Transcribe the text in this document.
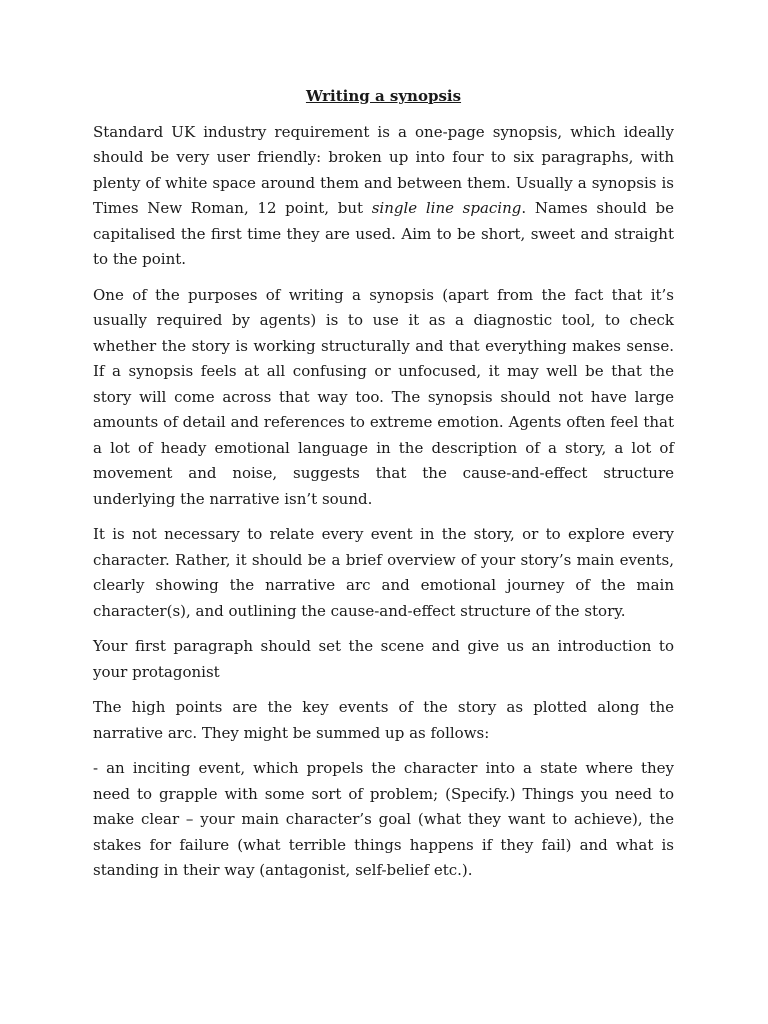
Writing a synopsis

Standard UK industry requirement is a one-page synopsis, which ideally should be very user friendly: broken up into four to six paragraphs, with plenty of white space around them and between them. Usually a synopsis is Times New Roman, 12 point, but single line spacing. Names should be capitalised the first time they are used. Aim to be short, sweet and straight to the point.

One of the purposes of writing a synopsis (apart from the fact that it’s usually required by agents) is to use it as a diagnostic tool, to check whether the story is working structurally and that everything makes sense. If a synopsis feels at all confusing or unfocused, it may well be that the story will come across that way too. The synopsis should not have large amounts of detail and references to extreme emotion. Agents often feel that a lot of heady emotional language in the description of a story, a lot of movement and noise, suggests that the cause-and-effect structure underlying the narrative isn’t sound.

It is not necessary to relate every event in the story, or to explore every character. Rather, it should be a brief overview of your story’s main events, clearly showing the narrative arc and emotional journey of the main character(s), and outlining the cause-and-effect structure of the story.

Your first paragraph should set the scene and give us an introduction to your protagonist

The high points are the key events of the story as plotted along the narrative arc. They might be summed up as follows:

- an inciting event, which propels the character into a state where they need to grapple with some sort of problem; (Specify.) Things you need to make clear – your main character’s goal (what they want to achieve), the stakes for failure (what terrible things happens if they fail) and what is standing in their way (antagonist, self-belief etc.).
